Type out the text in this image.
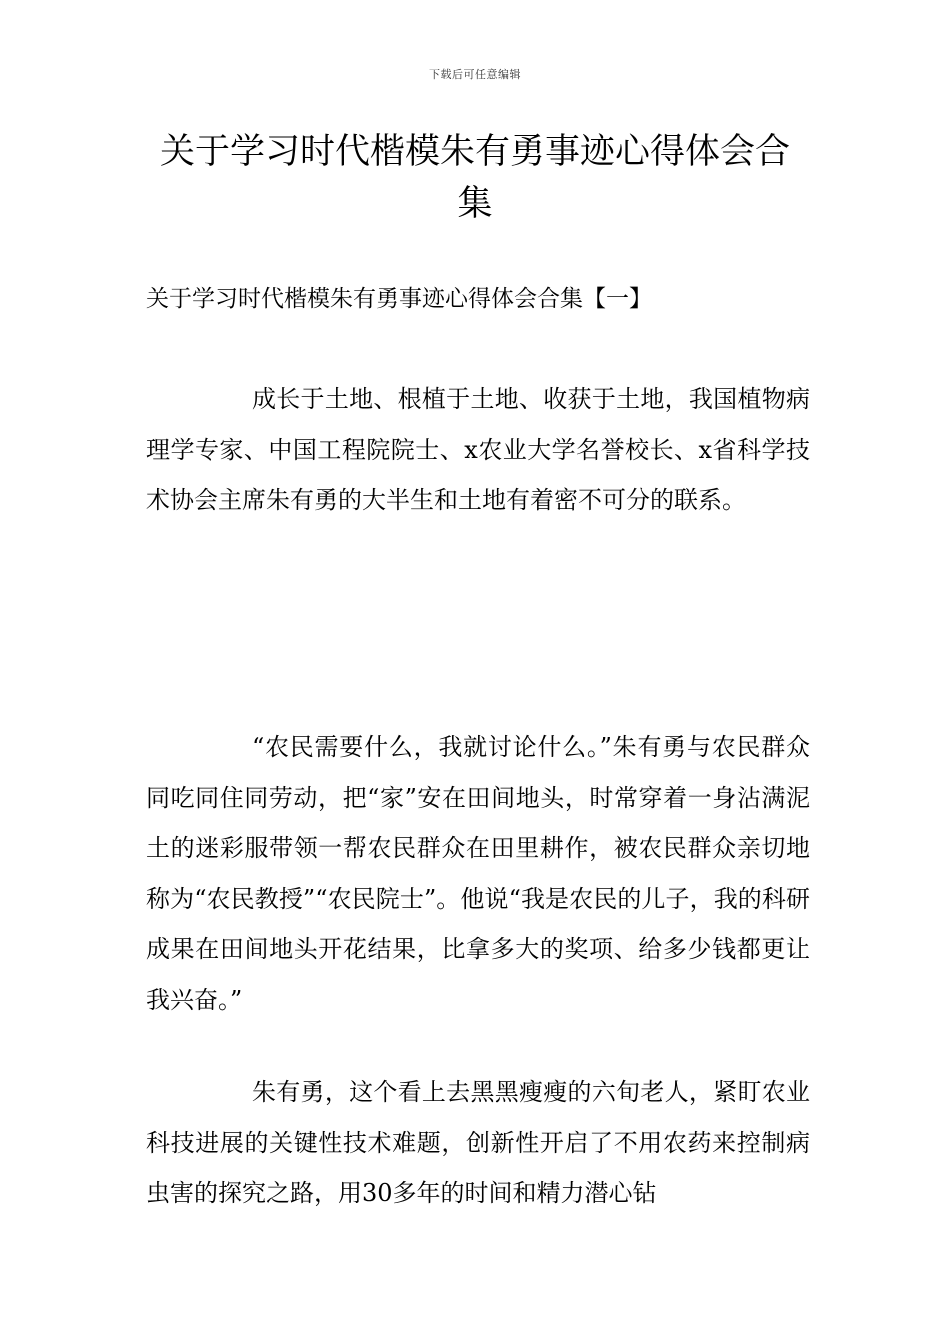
下载后可任意编辑
关于学习时代楷模朱有勇事迹心得体会合集

关于学习时代楷模朱有勇事迹心得体会合集【一】

成长于土地、根植于土地、收获于土地，我国植物病理学专家、中国工程院院士、x农业大学名誉校长、x省科学技术协会主席朱有勇的大半生和土地有着密不可分的联系。

“农民需要什么，我就讨论什么。”朱有勇与农民群众同吃同住同劳动，把“家”安在田间地头，时常穿着一身沾满泥土的迷彩服带领一帮农民群众在田里耕作，被农民群众亲切地称为“农民教授”“农民院士”。他说“我是农民的儿子，我的科研成果在田间地头开花结果，比拿多大的奖项、给多少钱都更让我兴奋。”

朱有勇，这个看上去黑黑瘦瘦的六旬老人，紧盯农业科技进展的关键性技术难题，创新性开启了不用农药来控制病虫害的探究之路，用30多年的时间和精力潜心钻
